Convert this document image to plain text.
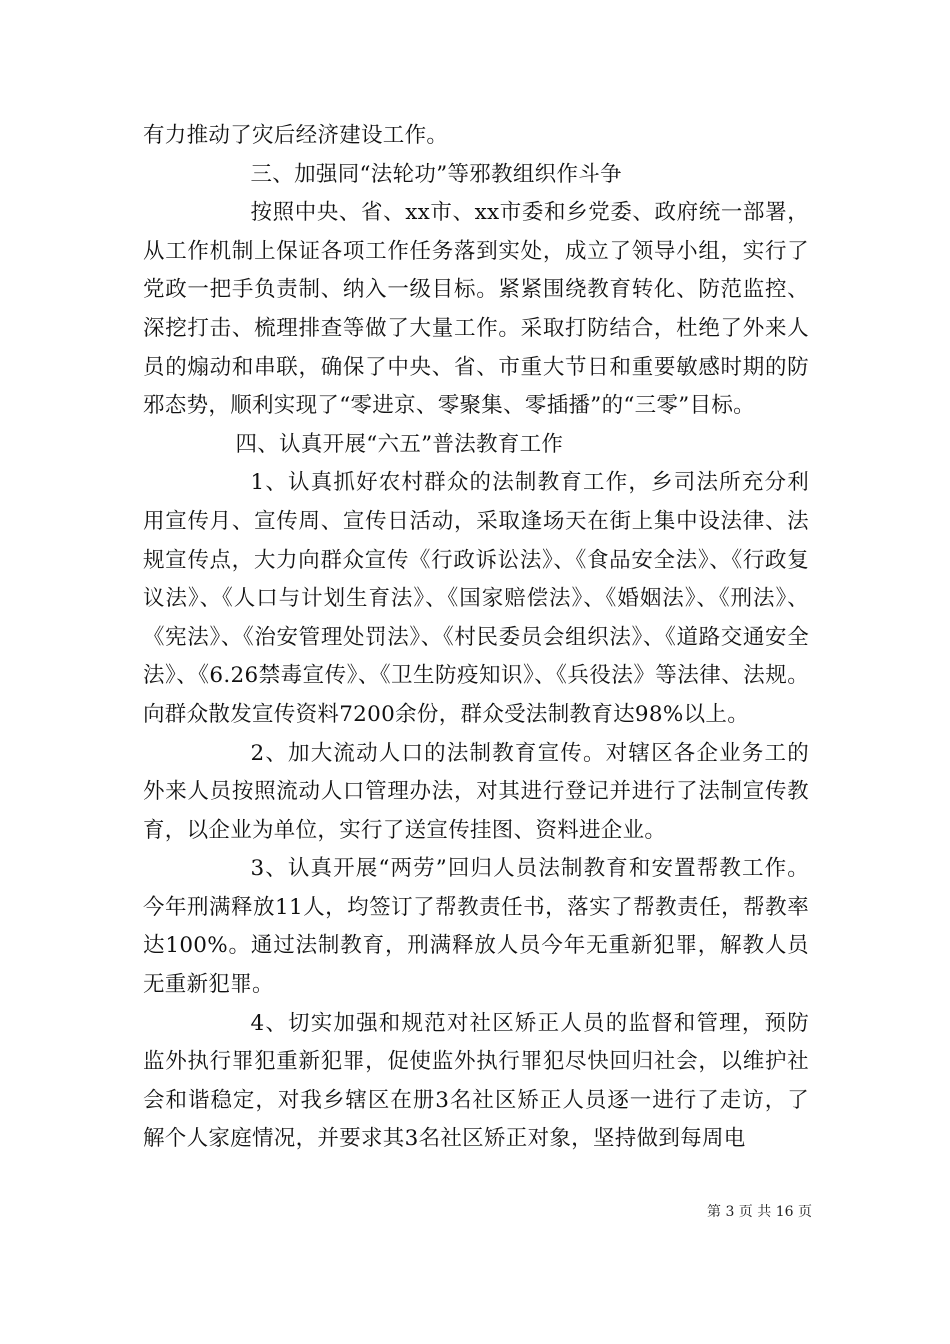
有力推动了灾后经济建设工作。

三、加强同“法轮功”等邪教组织作斗争

按照中央、省、xx市、xx市委和乡党委、政府统一部署，从工作机制上保证各项工作任务落到实处，成立了领导小组，实行了党政一把手负责制、纳入一级目标。紧紧围绕教育转化、防范监控、深挖打击、梳理排查等做了大量工作。采取打防结合，杜绝了外来人员的煽动和串联，确保了中央、省、市重大节日和重要敏感时期的防邪态势，顺利实现了“零进京、零聚集、零插播”的“三零”目标。

四、认真开展“六五”普法教育工作

1、认真抓好农村群众的法制教育工作，乡司法所充分利用宣传月、宣传周、宣传日活动，采取逢场天在街上集中设法律、法规宣传点，大力向群众宣传《行政诉讼法》、《食品安全法》、《行政复议法》、《人口与计划生育法》、《国家赔偿法》、《婚姻法》、《刑法》、《宪法》、《治安管理处罚法》、《村民委员会组织法》、《道路交通安全法》、《6.26禁毒宣传》、《卫生防疫知识》、《兵役法》等法律、法规。向群众散发宣传资料7200余份，群众受法制教育达98%以上。

2、加大流动人口的法制教育宣传。对辖区各企业务工的外来人员按照流动人口管理办法，对其进行登记并进行了法制宣传教育，以企业为单位，实行了送宣传挂图、资料进企业。

3、认真开展“两劳”回归人员法制教育和安置帮教工作。今年刑满释放11人，均签订了帮教责任书，落实了帮教责任，帮教率达100%。通过法制教育，刑满释放人员今年无重新犯罪，解教人员无重新犯罪。

4、切实加强和规范对社区矫正人员的监督和管理，预防监外执行罪犯重新犯罪，促使监外执行罪犯尽快回归社会，以维护社会和谐稳定，对我乡辖区在册3名社区矫正人员逐一进行了走访，了解个人家庭情况，并要求其3名社区矫正对象，坚持做到每周电

第 3 页 共 16 页
